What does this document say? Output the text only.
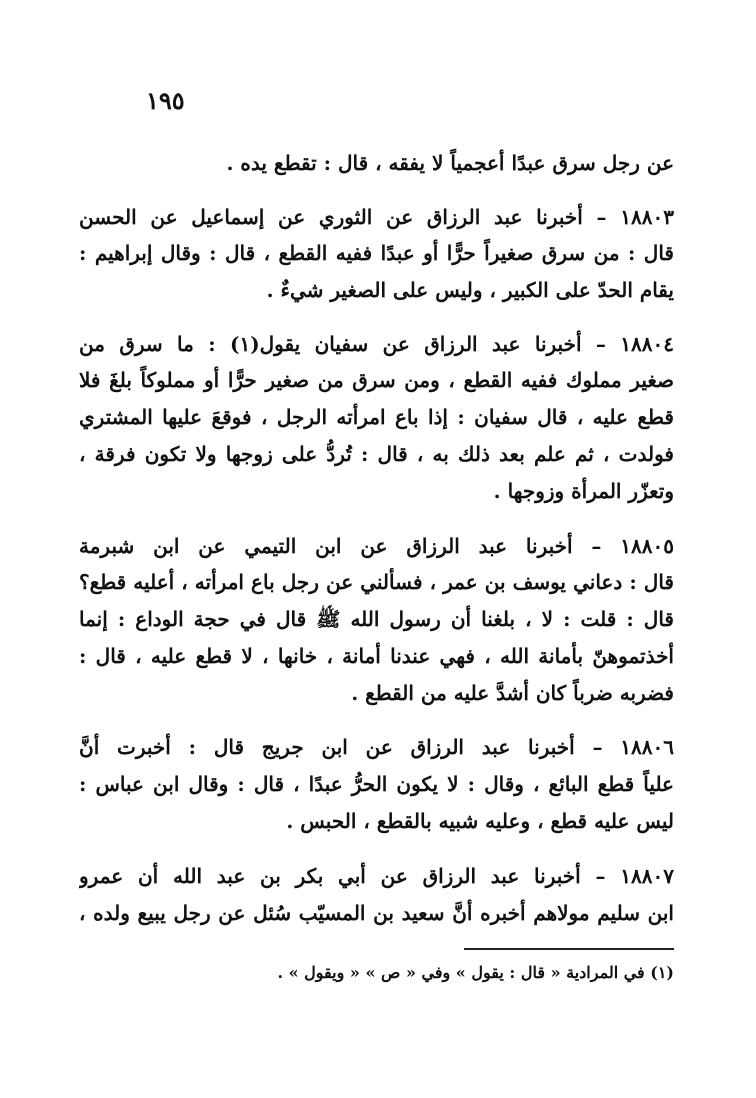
١٩٥
عن رجل سرق عبدًا أعجمياً لا يفقه ، قال : تقطع يده .
١٨٨٠٣ – أخبرنا عبد الرزاق عن الثوري عن إسماعيل عن الحسن
قال : من سرق صغيراً حرًّا أو عبدًا ففيه القطع ، قال : وقال إبراهيم :
يقام الحدّ على الكبير ، وليس على الصغير شيءٌ .
١٨٨٠٤ – أخبرنا عبد الرزاق عن سفيان يقول(١) : ما سرق من
صغير مملوك ففيه القطع ، ومن سرق من صغير حرًّا أو مملوكاً بلغَ فلا
قطع عليه ، قال سفيان : إذا باع امرأته الرجل ، فوقعَ عليها المشتري
فولدت ، ثم علم بعد ذلك به ، قال : تُردُّ على زوجها ولا تكون فرقة ،
وتعزّر المرأة وزوجها .
١٨٨٠٥ – أخبرنا عبد الرزاق عن ابن التيمي عن ابن شبرمة
قال : دعاني يوسف بن عمر ، فسألني عن رجل باع امرأته ، أعليه قطع؟
قال : قلت : لا ، بلغنا أن رسول الله ﷺ قال في حجة الوداع : إنما
أخذتموهنّ بأمانة الله ، فهي عندنا أمانة ، خانها ، لا قطع عليه ، قال :
فضربه ضرباً كان أشدَّ عليه من القطع .
١٨٨٠٦ – أخبرنا عبد الرزاق عن ابن جريج قال : أخبرت أنَّ
علياً قطع البائع ، وقال : لا يكون الحرُّ عبدًا ، قال : وقال ابن عباس :
ليس عليه قطع ، وعليه شبيه بالقطع ، الحبس .
١٨٨٠٧ – أخبرنا عبد الرزاق عن أبي بكر بن عبد الله أن عمرو
ابن سليم مولاهم أخبره أنَّ سعيد بن المسيّب سُئل عن رجل يبيع ولده ،
(١) في المرادية « قال : يقول » وفي « ص » « ويقول » .
